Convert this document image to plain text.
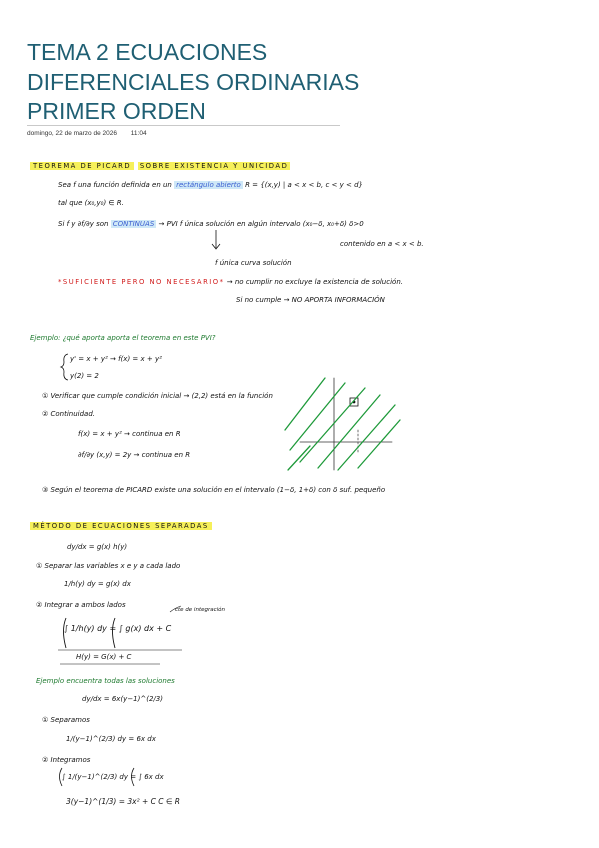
TEMA 2 ECUACIONES
DIFERENCIALES ORDINARIAS
PRIMER ORDEN
domingo, 22 de marzo de 2026 11:04
TEOREMA DE PICARD SOBRE EXISTENCIA Y UNICIDAD
Sea f una función definida en un rectángulo abierto R = {(x,y) | a < x < b, c < y < d}
tal que (x₀,y₀) ∈ R.
Si f y ∂f/∂y son CONTINUAS → PVI f única solución en algún intervalo (x₀−δ, x₀+δ) δ>0
contenido en a < x < b.
f única curva solución
*SUFICIENTE PERO NO NECESARIO* → no cumplir no excluye la existencia de solución.
Si no cumple → NO APORTA INFORMACIÓN
Ejemplo: ¿qué aporta aporta el teorema en este PVI?
y' = x + y² → f(x) = x + y²
y(2) = 2
① Verificar que cumple condición inicial → (2,2) está en la función
② Continuidad.
f(x) = x + y² → continua en R
∂f/∂y (x,y) = 2y → continua en R
③ Según el teorema de PICARD existe una solución en el intervalo (1−δ, 1+δ) con δ suf. pequeño
MÉTODO DE ECUACIONES SEPARADAS
dy/dx = g(x) h(y)
① Separar las variables x e y a cada lado
1/h(y) dy = g(x) dx
② Integrar a ambos lados
cte de integración
∫ 1/h(y) dy = ∫ g(x) dx + C
H(y) = G(x) + C
Ejemplo encuentra todas las soluciones
dy/dx = 6x(y−1)^(2/3)
① Separamos
1/(y−1)^(2/3) dy = 6x dx
② Integramos
∫ 1/(y−1)^(2/3) dy = ∫ 6x dx
3(y−1)^(1/3) = 3x² + C C ∈ R
